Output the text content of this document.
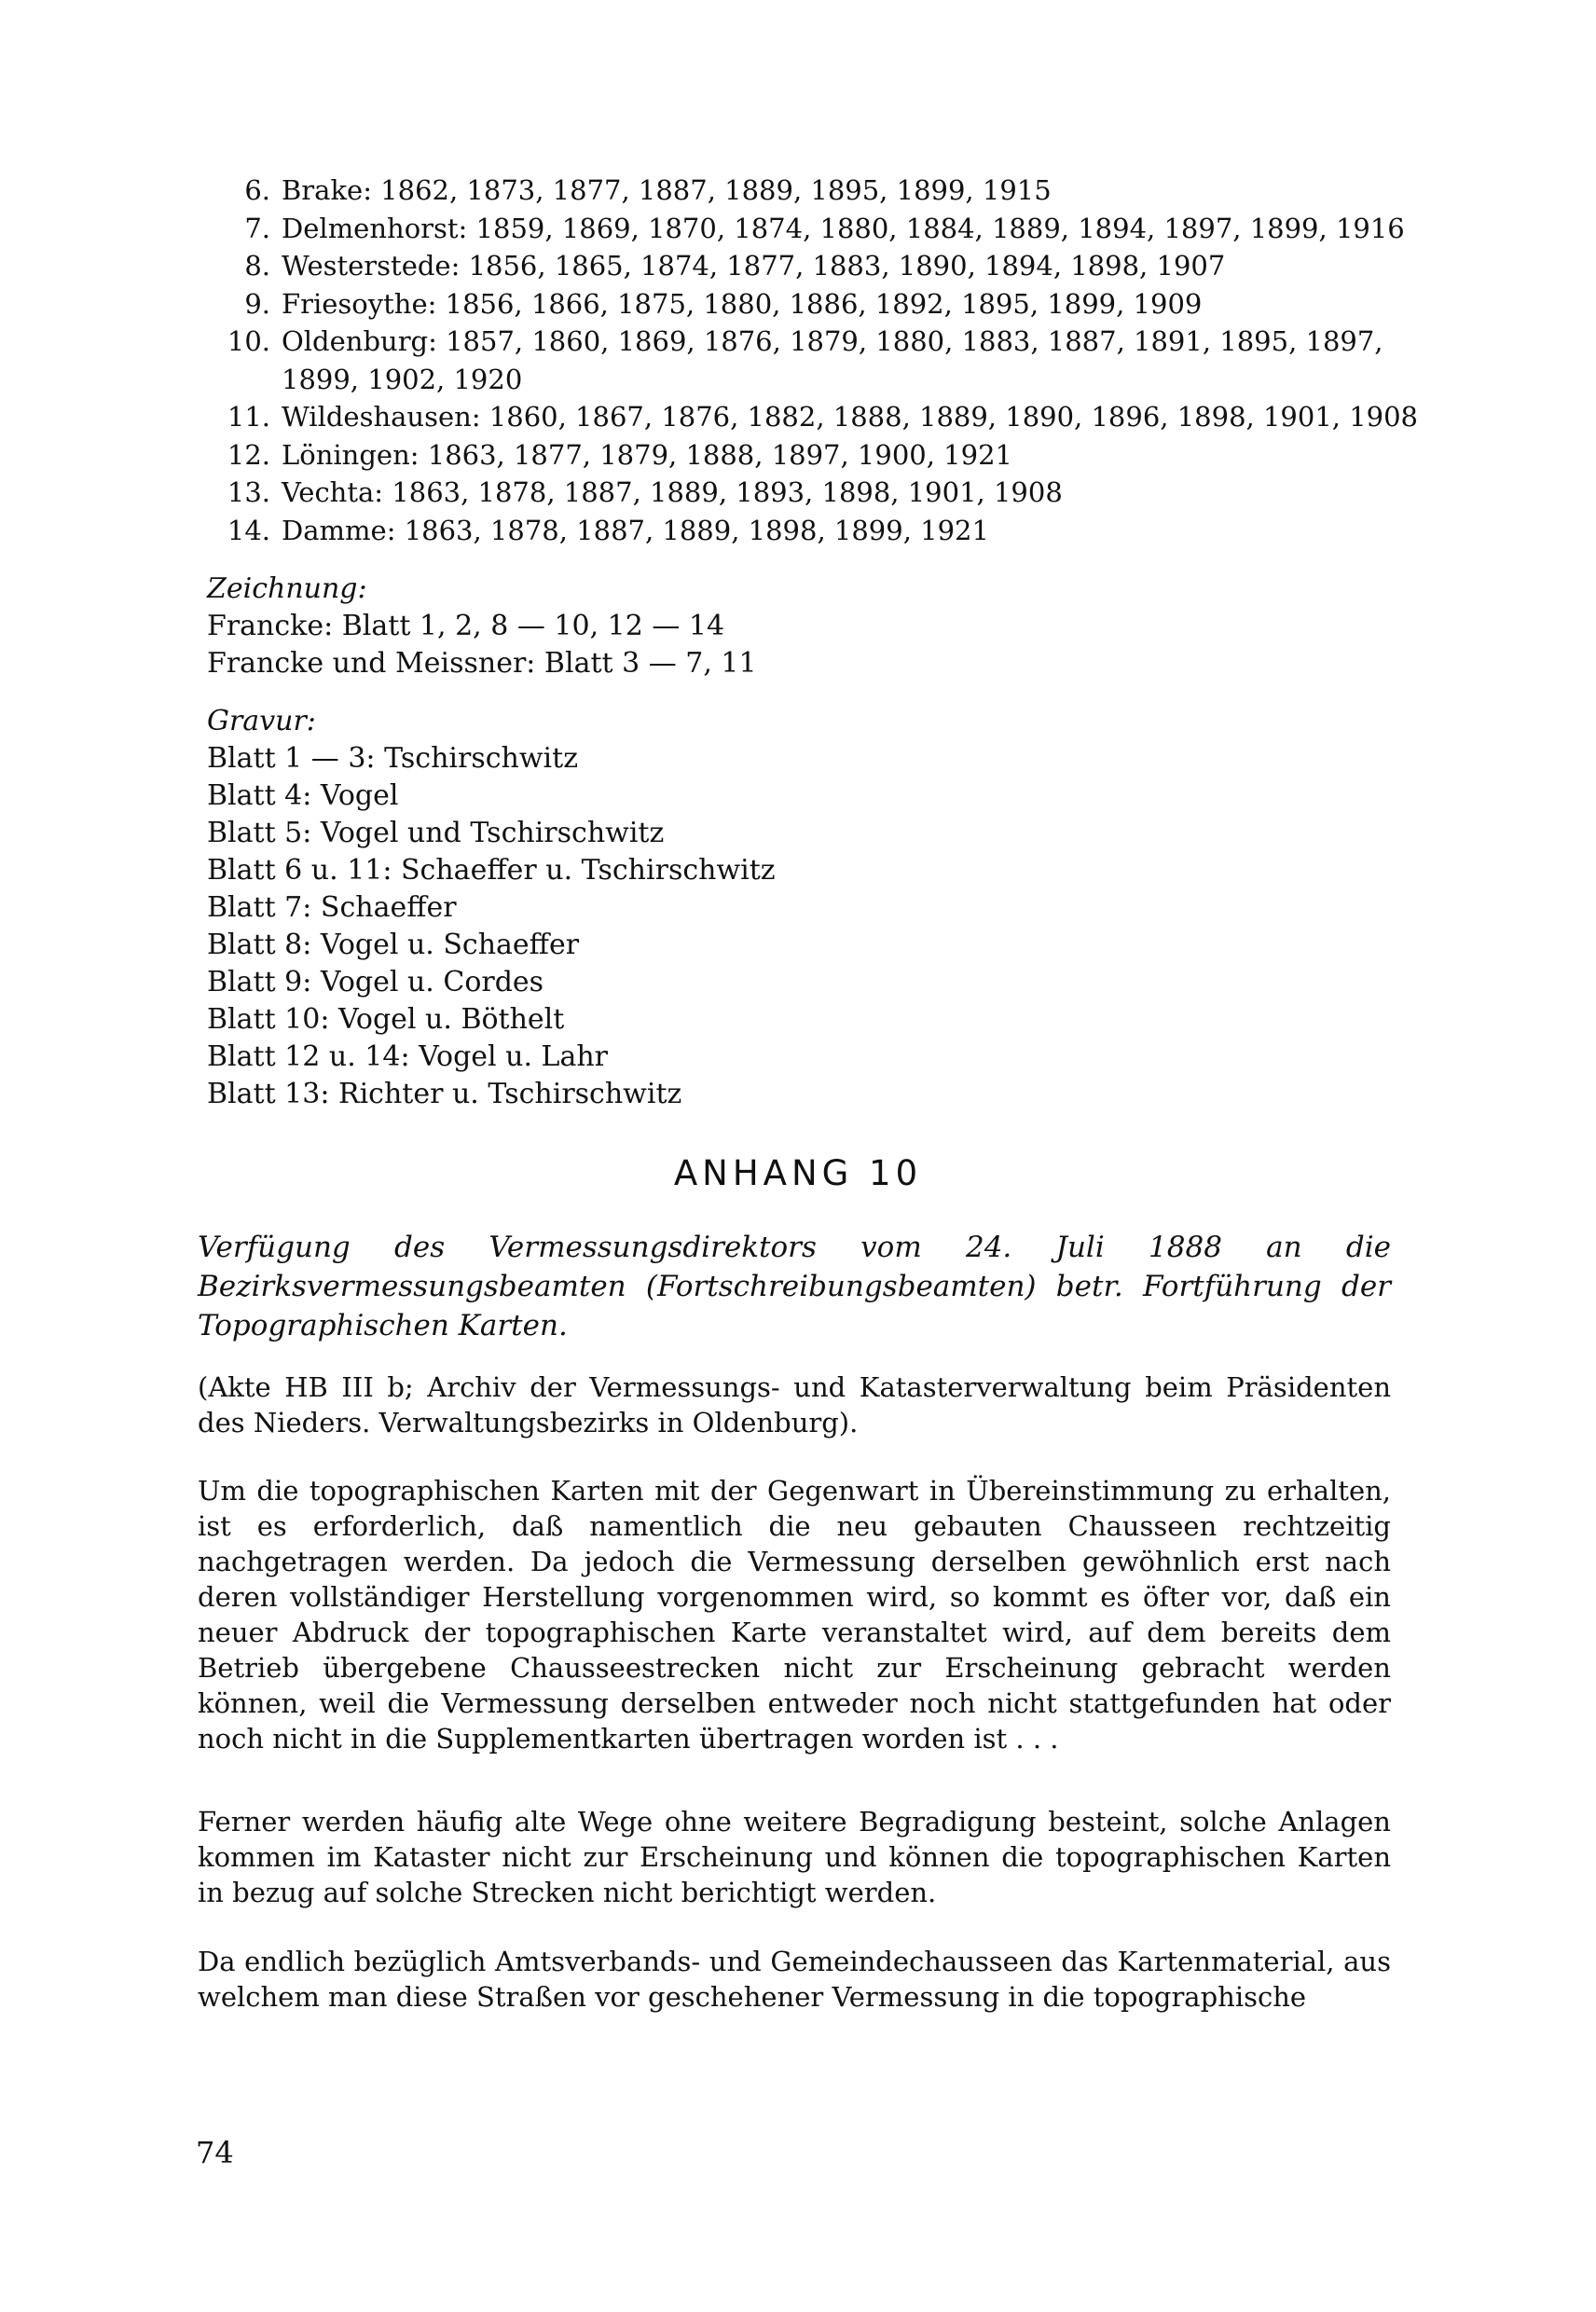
6. Brake: 1862, 1873, 1877, 1887, 1889, 1895, 1899, 1915
7. Delmenhorst: 1859, 1869, 1870, 1874, 1880, 1884, 1889, 1894, 1897, 1899, 1916
8. Westerstede: 1856, 1865, 1874, 1877, 1883, 1890, 1894, 1898, 1907
9. Friesoythe: 1856, 1866, 1875, 1880, 1886, 1892, 1895, 1899, 1909
10. Oldenburg: 1857, 1860, 1869, 1876, 1879, 1880, 1883, 1887, 1891, 1895, 1897,
1899, 1902, 1920
11. Wildeshausen: 1860, 1867, 1876, 1882, 1888, 1889, 1890, 1896, 1898, 1901, 1908
12. Löningen: 1863, 1877, 1879, 1888, 1897, 1900, 1921
13. Vechta: 1863, 1878, 1887, 1889, 1893, 1898, 1901, 1908
14. Damme: 1863, 1878, 1887, 1889, 1898, 1899, 1921
Zeichnung:
Francke: Blatt 1, 2, 8 — 10, 12 — 14
Francke und Meissner: Blatt 3 — 7, 11
Gravur:
Blatt 1 — 3: Tschirschwitz
Blatt 4: Vogel
Blatt 5: Vogel und Tschirschwitz
Blatt 6 u. 11: Schaeffer u. Tschirschwitz
Blatt 7: Schaeffer
Blatt 8: Vogel u. Schaeffer
Blatt 9: Vogel u. Cordes
Blatt 10: Vogel u. Böthelt
Blatt 12 u. 14: Vogel u. Lahr
Blatt 13: Richter u. Tschirschwitz
ANHANG 10
Verfügung des Vermessungsdirektors vom 24. Juli 1888 an die Bezirksvermessungsbeamten (Fortschreibungsbeamten) betr. Fortführung der Topographischen Karten.
(Akte HB III b; Archiv der Vermessungs- und Katasterverwaltung beim Präsidenten des Nieders. Verwaltungsbezirks in Oldenburg).
Um die topographischen Karten mit der Gegenwart in Übereinstimmung zu erhalten, ist es erforderlich, daß namentlich die neu gebauten Chausseen rechtzeitig nachgetragen werden. Da jedoch die Vermessung derselben gewöhnlich erst nach deren vollständiger Herstellung vorgenommen wird, so kommt es öfter vor, daß ein neuer Abdruck der topographischen Karte veranstaltet wird, auf dem bereits dem Betrieb übergebene Chausseestrecken nicht zur Erscheinung gebracht werden können, weil die Vermessung derselben entweder noch nicht stattgefunden hat oder noch nicht in die Supplementkarten übertragen worden ist . . .
Ferner werden häufig alte Wege ohne weitere Begradigung besteint, solche Anlagen kommen im Kataster nicht zur Erscheinung und können die topographischen Karten in bezug auf solche Strecken nicht berichtigt werden.
Da endlich bezüglich Amtsverbands- und Gemeindechausseen das Kartenmaterial, aus welchem man diese Straßen vor geschehener Vermessung in die topographische
74
